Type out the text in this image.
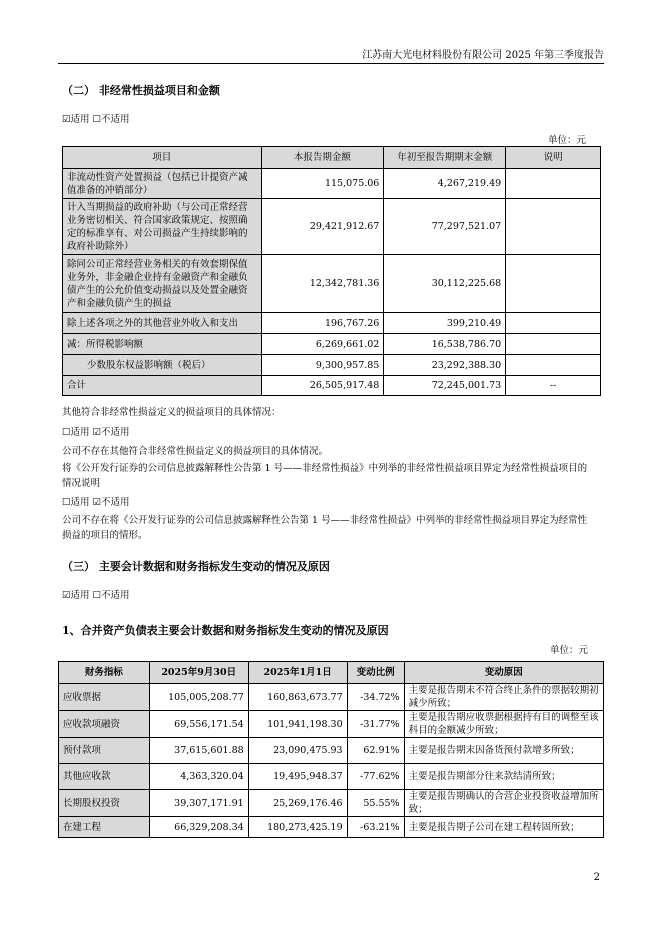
江苏南大光电材料股份有限公司 2025 年第三季度报告
（二） 非经常性损益项目和金额
☑适用 ☐不适用
单位：元
项目	本报告期金额	年初至报告期期末金额	说明
非流动性资产处置损益（包括已计提资产减值准备的冲销部分）	115,075.06	4,267,219.49	
计入当期损益的政府补助（与公司正常经营业务密切相关、符合国家政策规定、按照确定的标准享有、对公司损益产生持续影响的政府补助除外）	29,421,912.67	77,297,521.07	
除同公司正常经营业务相关的有效套期保值业务外，非金融企业持有金融资产和金融负债产生的公允价值变动损益以及处置金融资产和金融负债产生的损益	12,342,781.36	30,112,225.68	
除上述各项之外的其他营业外收入和支出	196,767.26	399,210.49	
减：所得税影响额	6,269,661.02	16,538,786.70	
少数股东权益影响额（税后）	9,300,957.85	23,292,388.30	
合计	26,505,917.48	72,245,001.73	--
其他符合非经常性损益定义的损益项目的具体情况：
☐适用 ☑不适用
公司不存在其他符合非经常性损益定义的损益项目的具体情况。
将《公开发行证券的公司信息披露解释性公告第 1 号——非经常性损益》中列举的非经常性损益项目界定为经常性损益项目的情况说明
☐适用 ☑不适用
公司不存在将《公开发行证券的公司信息披露解释性公告第 1 号——非经常性损益》中列举的非经常性损益项目界定为经常性损益的项目的情形。
（三） 主要会计数据和财务指标发生变动的情况及原因
☑适用 ☐不适用
1、合并资产负债表主要会计数据和财务指标发生变动的情况及原因
单位：元
财务指标	2025年9月30日	2025年1月1日	变动比例	变动原因
应收票据	105,005,208.77	160,863,673.77	-34.72%	主要是报告期末不符合终止条件的票据较期初减少所致；
应收款项融资	69,556,171.54	101,941,198.30	-31.77%	主要是报告期应收票据根据持有目的调整至该科目的金额减少所致；
预付款项	37,615,601.88	23,090,475.93	62.91%	主要是报告期末因备货预付款增多所致；
其他应收款	4,363,320.04	19,495,948.37	-77.62%	主要是报告期部分往来款结清所致；
长期股权投资	39,307,171.91	25,269,176.46	55.55%	主要是报告期确认的合营企业投资收益增加所致；
在建工程	66,329,208.34	180,273,425.19	-63.21%	主要是报告期子公司在建工程转固所致；
2
